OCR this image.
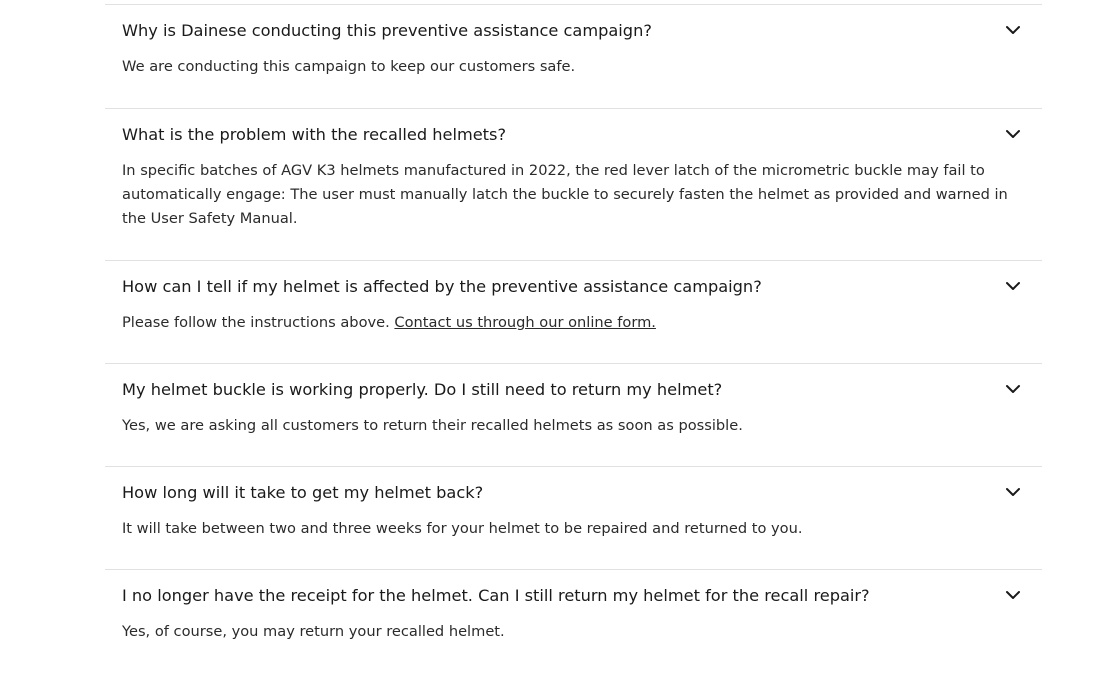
Why is Dainese conducting this preventive assistance campaign?
We are conducting this campaign to keep our customers safe.
What is the problem with the recalled helmets?
In specific batches of AGV K3 helmets manufactured in 2022, the red lever latch of the micrometric buckle may fail to automatically engage: The user must manually latch the buckle to securely fasten the helmet as provided and warned in the User Safety Manual.
How can I tell if my helmet is affected by the preventive assistance campaign?
Please follow the instructions above. Contact us through our online form.
My helmet buckle is working properly. Do I still need to return my helmet?
Yes, we are asking all customers to return their recalled helmets as soon as possible.
How long will it take to get my helmet back?
It will take between two and three weeks for your helmet to be repaired and returned to you.
I no longer have the receipt for the helmet. Can I still return my helmet for the recall repair?
Yes, of course, you may return your recalled helmet.
